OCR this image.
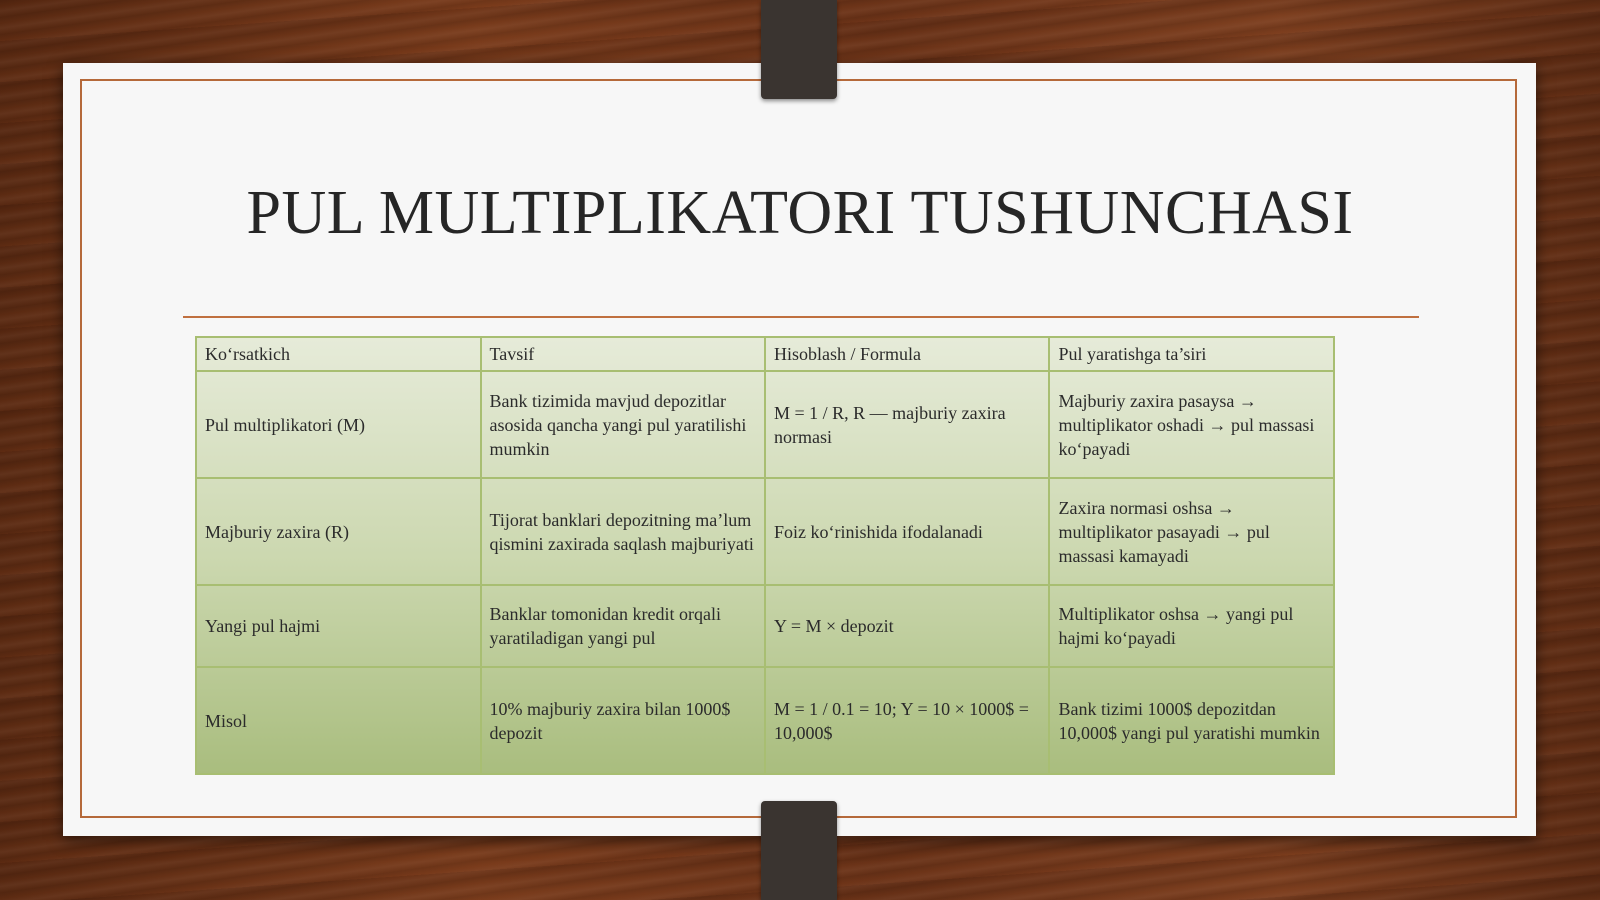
PUL MULTIPLIKATORI TUSHUNCHASI
Ko‘rsatkich	Tavsif	Hisoblash / Formula	Pul yaratishga ta’siri
Pul multiplikatori (M)	Bank tizimida mavjud depozitlar asosida qancha yangi pul yaratilishi mumkin	M = 1 / R, R — majburiy zaxira normasi	Majburiy zaxira pasaysa → multiplikator oshadi → pul massasi ko‘payadi
Majburiy zaxira (R)	Tijorat banklari depozitning ma’lum qismini zaxirada saqlash majburiyati	Foiz ko‘rinishida ifodalanadi	Zaxira normasi oshsa → multiplikator pasayadi → pul massasi kamayadi
Yangi pul hajmi	Banklar tomonidan kredit orqali yaratiladigan yangi pul	Y = M × depozit	Multiplikator oshsa → yangi pul hajmi ko‘payadi
Misol	10% majburiy zaxira bilan 1000$ depozit	M = 1 / 0.1 = 10; Y = 10 × 1000$ = 10,000$	Bank tizimi 1000$ depozitdan 10,000$ yangi pul yaratishi mumkin
